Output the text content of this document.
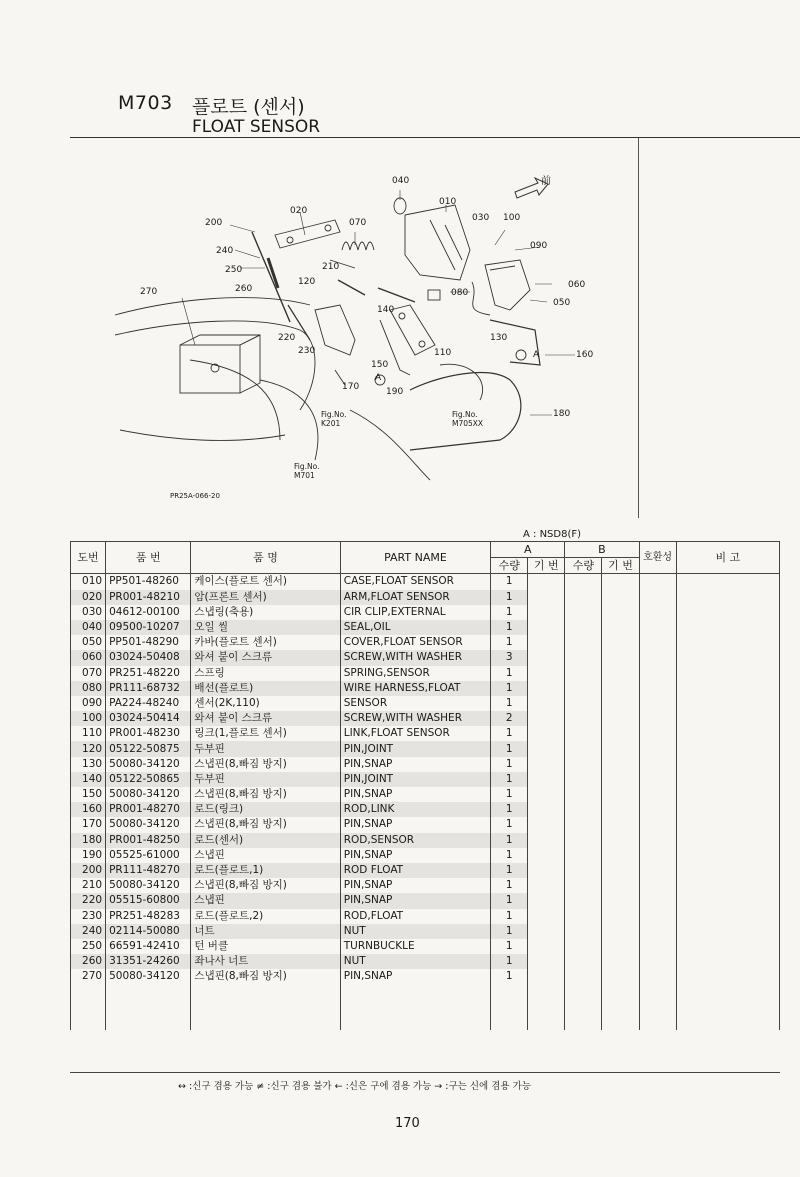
M703 플로트 (센서)
FLOAT SENSOR
040
010
020
030 100
070
200
090
240
250	210
120	060
270	260	080
050
140
130
220
230	110	160
150
170	190
180
A
A
前
Fig.No. K201
Fig.No. M705XX
Fig.No. M701
PR25A-066-20
A : NSD8(F)
도번	품 번	품 명	PART NAME	A		B		호환성	비 고
				수량	기 번	수량	기 번		
010	PP501-48260	케이스(플로트 센서)	CASE,FLOAT SENSOR	1					
020	PR001-48210	암(프론트 센서)	ARM,FLOAT SENSOR	1					
030	04612-00100	스냅링(축용)	CIR CLIP,EXTERNAL	1					
040	09500-10207	오일 씰	SEAL,OIL	1					
050	PP501-48290	카바(플로트 센서)	COVER,FLOAT SENSOR	1					
060	03024-50408	와셔 붙이 스크류	SCREW,WITH WASHER	3					
070	PR251-48220	스프링	SPRING,SENSOR	1					
080	PR111-68732	배선(플로트)	WIRE HARNESS,FLOAT	1					
090	PA224-48240	센서(2K,110)	SENSOR	1					
100	03024-50414	와셔 붙이 스크류	SCREW,WITH WASHER	2					
110	PR001-48230	링크(1,플로트 센서)	LINK,FLOAT SENSOR	1					
120	05122-50875	두부핀	PIN,JOINT	1					
130	50080-34120	스냅핀(8,빠짐 방지)	PIN,SNAP	1					
140	05122-50865	두부핀	PIN,JOINT	1					
150	50080-34120	스냅핀(8,빠짐 방지)	PIN,SNAP	1					
160	PR001-48270	로드(링크)	ROD,LINK	1					
170	50080-34120	스냅핀(8,빠짐 방지)	PIN,SNAP	1					
180	PR001-48250	로드(센서)	ROD,SENSOR	1					
190	05525-61000	스냅핀	PIN,SNAP	1					
200	PR111-48270	로드(플로트,1)	ROD FLOAT	1					
210	50080-34120	스냅핀(8,빠짐 방지)	PIN,SNAP	1					
220	05515-60800	스냅핀	PIN,SNAP	1					
230	PR251-48283	로드(플로트,2)	ROD,FLOAT	1					
240	02114-50080	너트	NUT	1					
250	66591-42410	턴 버클	TURNBUCKLE	1					
260	31351-24260	좌나사 너트	NUT	1					
270	50080-34120	스냅핀(8,빠짐 방지)	PIN,SNAP	1					

↔ :신구 겸용 가능 ≠ :신구 겸용 불가 ← :신은 구에 겸용 가능 → :구는 신에 겸용 가능
170
